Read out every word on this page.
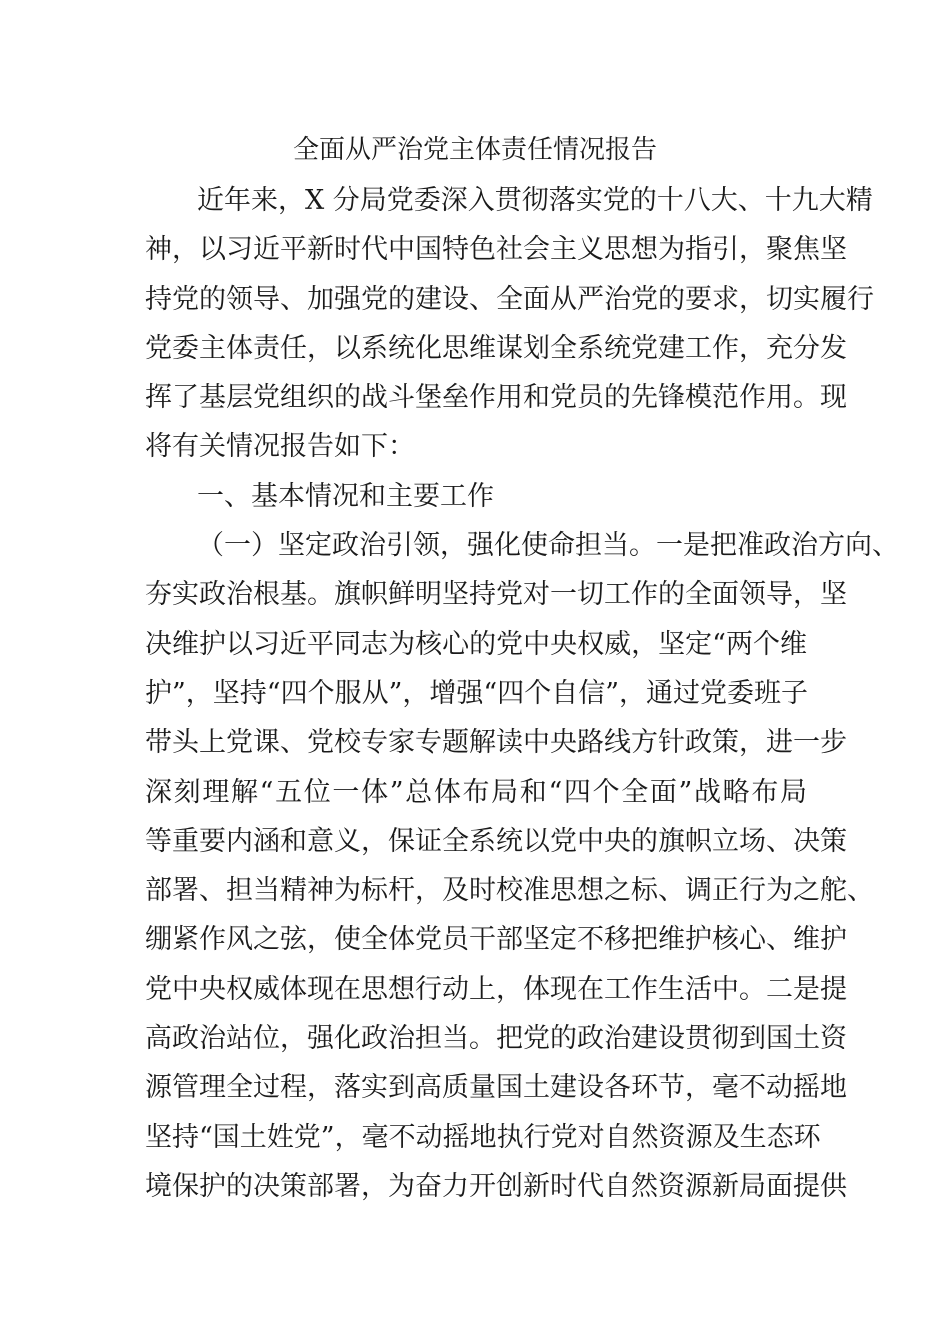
全面从严治党主体责任情况报告
近年来，X 分局党委深入贯彻落实党的十八大、十九大精
神，以习近平新时代中国特色社会主义思想为指引，聚焦坚
持党的领导、加强党的建设、全面从严治党的要求，切实履行
党委主体责任，以系统化思维谋划全系统党建工作，充分发
挥了基层党组织的战斗堡垒作用和党员的先锋模范作用。现
将有关情况报告如下：
一、基本情况和主要工作
（一）坚定政治引领，强化使命担当。一是把准政治方向、
夯实政治根基。旗帜鲜明坚持党对一切工作的全面领导，坚
决维护以习近平同志为核心的党中央权威，坚定“两个维
护”，坚持“四个服从”，增强“四个自信”，通过党委班子
带头上党课、党校专家专题解读中央路线方针政策，进一步
深刻理解“五位一体”总体布局和“四个全面”战略布局
等重要内涵和意义，保证全系统以党中央的旗帜立场、决策
部署、担当精神为标杆，及时校准思想之标、调正行为之舵、
绷紧作风之弦，使全体党员干部坚定不移把维护核心、维护
党中央权威体现在思想行动上，体现在工作生活中。二是提
高政治站位，强化政治担当。把党的政治建设贯彻到国土资
源管理全过程，落实到高质量国土建设各环节，毫不动摇地
坚持“国土姓党”，毫不动摇地执行党对自然资源及生态环
境保护的决策部署，为奋力开创新时代自然资源新局面提供
